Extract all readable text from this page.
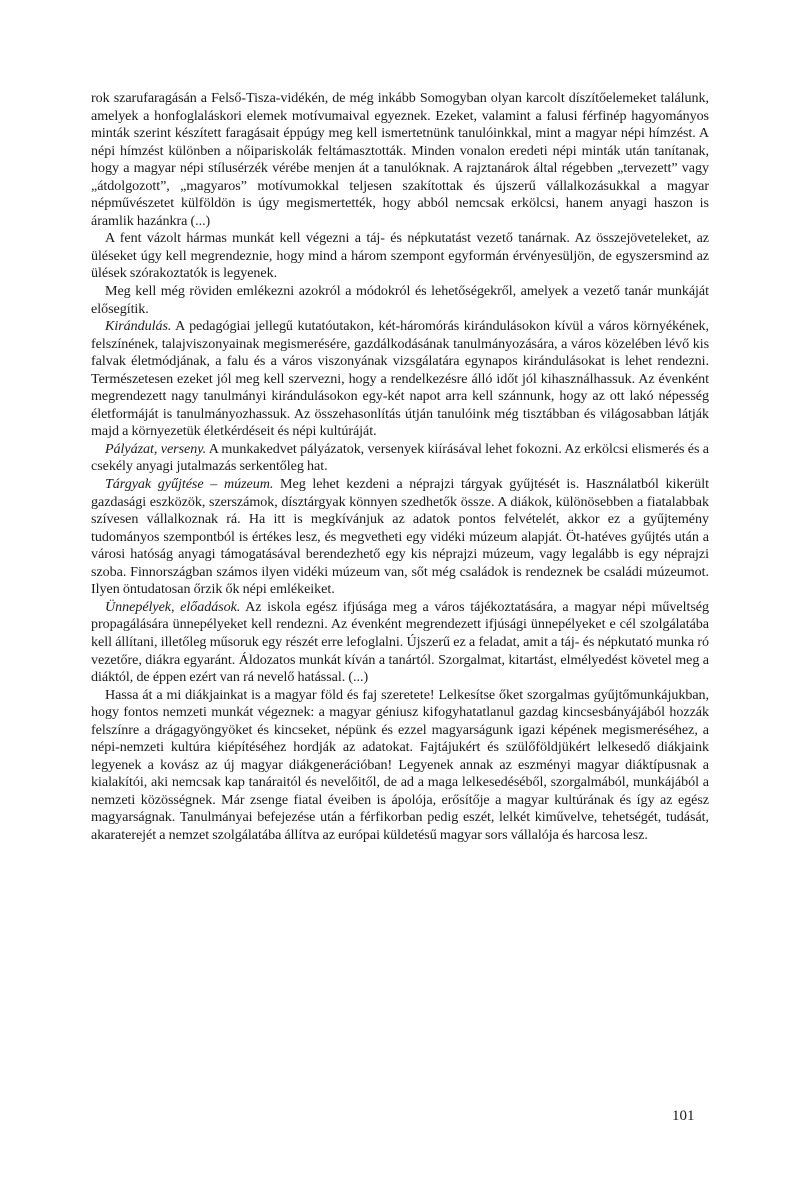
rok szarufaragásán a Felső-Tisza-vidékén, de még inkább Somogyban olyan karcolt díszítőelemeket találunk, amelyek a honfoglaláskori elemek motívumaival egyeznek. Ezeket, valamint a falusi férfinép hagyományos minták szerint készített faragásait éppúgy meg kell ismertetnünk tanulóinkkal, mint a magyar népi hímzést. A népi hímzést különben a nőipariskolák feltámasztották. Minden vonalon eredeti népi minták után tanítanak, hogy a magyar népi stílusérzék vérébe menjen át a tanulóknak. A rajztanárok által régebben „tervezett” vagy „átdolgozott”, „magyaros” motívumokkal teljesen szakítottak és újszerű vállalkozásukkal a magyar népművészetet külföldön is úgy megismertették, hogy abból nemcsak erkölcsi, hanem anyagi haszon is áramlik hazánkra (...)

A fent vázolt hármas munkát kell végezni a táj- és népkutatást vezető tanárnak. Az összejöveteleket, az üléseket úgy kell megrendeznie, hogy mind a három szempont egyformán érvényesüljön, de egyszersmind az ülések szórakoztatók is legyenek.

Meg kell még röviden emlékezni azokról a módokról és lehetőségekről, amelyek a vezető tanár munkáját elősegítik.

Kirándulás. A pedagógiai jellegű kutatóutakon, két-háromórás kirándulásokon kívül a város környékének, felszínének, talajviszonyainak megismerésére, gazdálkodásának tanulmányozására, a város közelében lévő kis falvak életmódjának, a falu és a város viszonyának vizsgálatára egynapos kirándulásokat is lehet rendezni. Természetesen ezeket jól meg kell szervezni, hogy a rendelkezésre álló időt jól kihasználhassuk. Az évenként megrendezett nagy tanulmányi kirándulásokon egy-két napot arra kell szánnunk, hogy az ott lakó népesség életformáját is tanulmányozhassuk. Az összehasonlítás útján tanulóink még tisztábban és világosabban látják majd a környezetük életkérdéseit és népi kultúráját.

Pályázat, verseny. A munkakedvet pályázatok, versenyek kiírásával lehet fokozni. Az erkölcsi elismerés és a csekély anyagi jutalmazás serkentőleg hat.

Tárgyak gyűjtése – múzeum. Meg lehet kezdeni a néprajzi tárgyak gyűjtését is. Használatból kikerült gazdasági eszközök, szerszámok, dísztárgyak könnyen szedhetők össze. A diákok, különösebben a fiatalabbak szívesen vállalkoznak rá. Ha itt is megkívánjuk az adatok pontos felvételét, akkor ez a gyűjtemény tudományos szempontból is értékes lesz, és megvetheti egy vidéki múzeum alapját. Öt-hatéves gyűjtés után a városi hatóság anyagi támogatásával berendezhető egy kis néprajzi múzeum, vagy legalább is egy néprajzi szoba. Finnországban számos ilyen vidéki múzeum van, sőt még családok is rendeznek be családi múzeumot. Ilyen öntudatosan őrzik ők népi emlékeiket.

Ünnepélyek, előadások. Az iskola egész ifjúsága meg a város tájékoztatására, a magyar népi műveltség propagálására ünnepélyeket kell rendezni. Az évenként megrendezett ifjúsági ünnepélyeket e cél szolgálatába kell állítani, illetőleg műsoruk egy részét erre lefoglalni. Újszerű ez a feladat, amit a táj- és népkutató munka ró vezetőre, diákra egyaránt. Áldozatos munkát kíván a tanártól. Szorgalmat, kitartást, elmélyedést követel meg a diáktól, de éppen ezért van rá nevelő hatással. (...)

Hassa át a mi diákjainkat is a magyar föld és faj szeretete! Lelkesítse őket szorgalmas gyűjtőmunkájukban, hogy fontos nemzeti munkát végeznek: a magyar géniusz kifogyhatatlanul gazdag kincsesbányájából hozzák felszínre a drágagyöngyöket és kincseket, népünk és ezzel magyarságunk igazi képének megismeréséhez, a népi-nemzeti kultúra kiépítéséhez hordják az adatokat. Fajtájukért és szülőföldjükért lelkesedő diákjaink legyenek a kovász az új magyar diákgenerációban! Legyenek annak az eszményi magyar diáktípusnak a kialakítói, aki nemcsak kap tanáraitól és nevelőitől, de ad a maga lelkesedéséből, szorgalmából, munkájából a nemzeti közösségnek. Már zsenge fiatal éveiben is ápolója, erősítője a magyar kultúrának és így az egész magyarságnak. Tanulmányai befejezése után a férfikorban pedig eszét, lelkét kiművelve, tehetségét, tudását, akaraterejét a nemzet szolgálatába állítva az európai küldetésű magyar sors vállalója és harcosa lesz.

101
